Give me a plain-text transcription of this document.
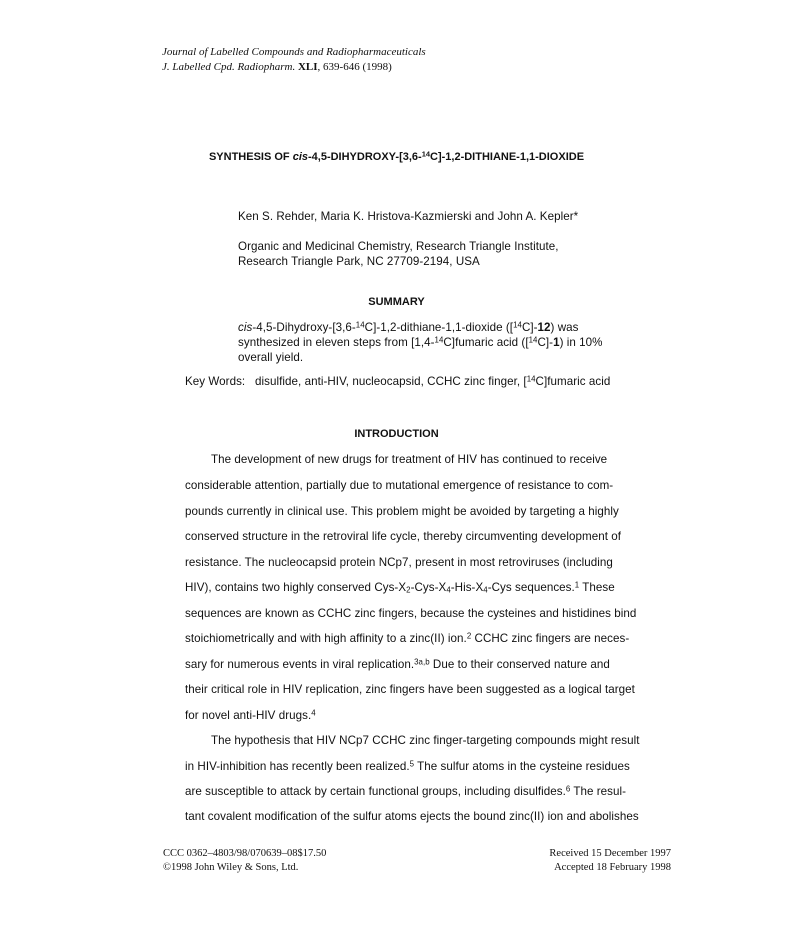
Journal of Labelled Compounds and Radiopharmaceuticals
J. Labelled Cpd. Radiopharm. XLI, 639-646 (1998)
SYNTHESIS OF cis-4,5-DIHYDROXY-[3,6-$^{14}$C]-1,2-DITHIANE-1,1-DIOXIDE
Ken S. Rehder, Maria K. Hristova-Kazmierski and John A. Kepler*
Organic and Medicinal Chemistry, Research Triangle Institute,
Research Triangle Park, NC 27709-2194, USA
SUMMARY
cis-4,5-Dihydroxy-[3,6-$^{14}$C]-1,2-dithiane-1,1-dioxide ([$^{14}$C]-12) was
synthesized in eleven steps from [1,4-$^{14}$C]fumaric acid ([$^{14}$C]-1) in 10%
overall yield.
Key Words: disulfide, anti-HIV, nucleocapsid, CCHC zinc finger, [$^{14}$C]fumaric acid
INTRODUCTION
The development of new drugs for treatment of HIV has continued to receive
considerable attention, partially due to mutational emergence of resistance to com-
pounds currently in clinical use. This problem might be avoided by targeting a highly
conserved structure in the retroviral life cycle, thereby circumventing development of
resistance. The nucleocapsid protein NCp7, present in most retroviruses (including
HIV), contains two highly conserved Cys-$X_2-Cys-X_4-His-X_4$-Cys sequences.$^1$ These
sequences are known as CCHC zinc fingers, because the cysteines and histidines bind
stoichiometrically and with high affinity to a zinc(II) ion.$^2$ CCHC zinc fingers are neces-
sary for numerous events in viral replication.$^{3a,b}$ Due to their conserved nature and
their critical role in HIV replication, zinc fingers have been suggested as a logical target
for novel anti-HIV drugs.$^4$
The hypothesis that HIV NCp7 CCHC zinc finger-targeting compounds might result
in HIV-inhibition has recently been realized.$^5$ The sulfur atoms in the cysteine residues
are susceptible to attack by certain functional groups, including disulfides.$^6$ The resul-
tant covalent modification of the sulfur atoms ejects the bound zinc(II) ion and abolishes
CCC 0362–4803/98/070639–08$17.50
©1998 John Wiley & Sons, Ltd.
Received 15 December 1997
Accepted 18 February 1998
